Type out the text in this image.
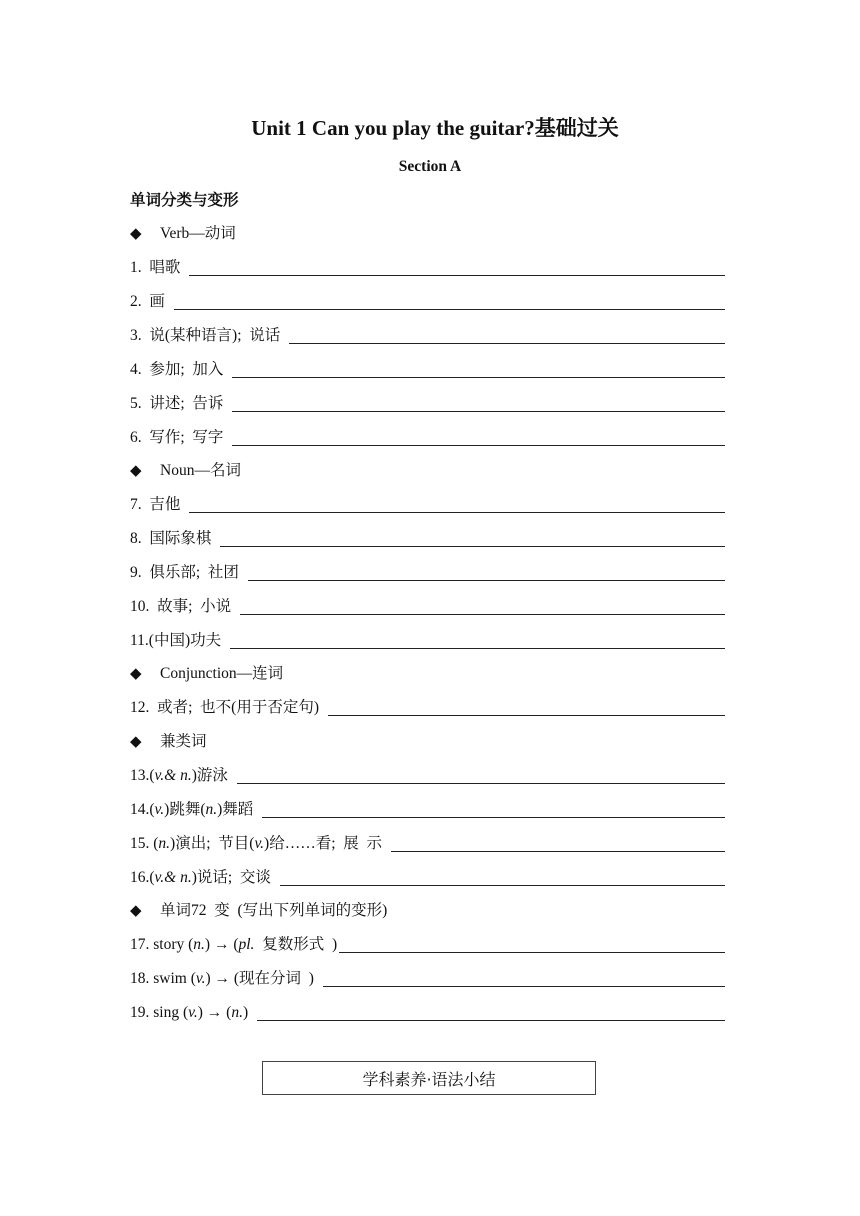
Unit 1 Can you play the guitar?基础过关
Section A
单词分类与变形
◆	Verb—动词
1.  唱歌
2.  画
3.  说(某种语言);  说话
4.  参加;  加入
5.  讲述;  告诉
6.  写作;  写字
◆	Noun—名词
7.  吉他
8.  国际象棋
9.  俱乐部;  社团
10.  故事;  小说
11.(中国)功夫
◆	Conjunction—连词
12.  或者;  也不(用于否定句)
◆	兼类词
13.(v.& n.)游泳
14.(v.)跳舞(n.)舞蹈
15. (n.)演出;  节目(v.)给……看;  展  示
16.(v.& n.)说话;  交谈
◆	单词72  变  (写出下列单词的变形)
17. story (n.) → (pl.  复数形式  )
18. swim (v.) → (现在分词  )
19. sing (v.) → (n.)
学科素养·语法小结
